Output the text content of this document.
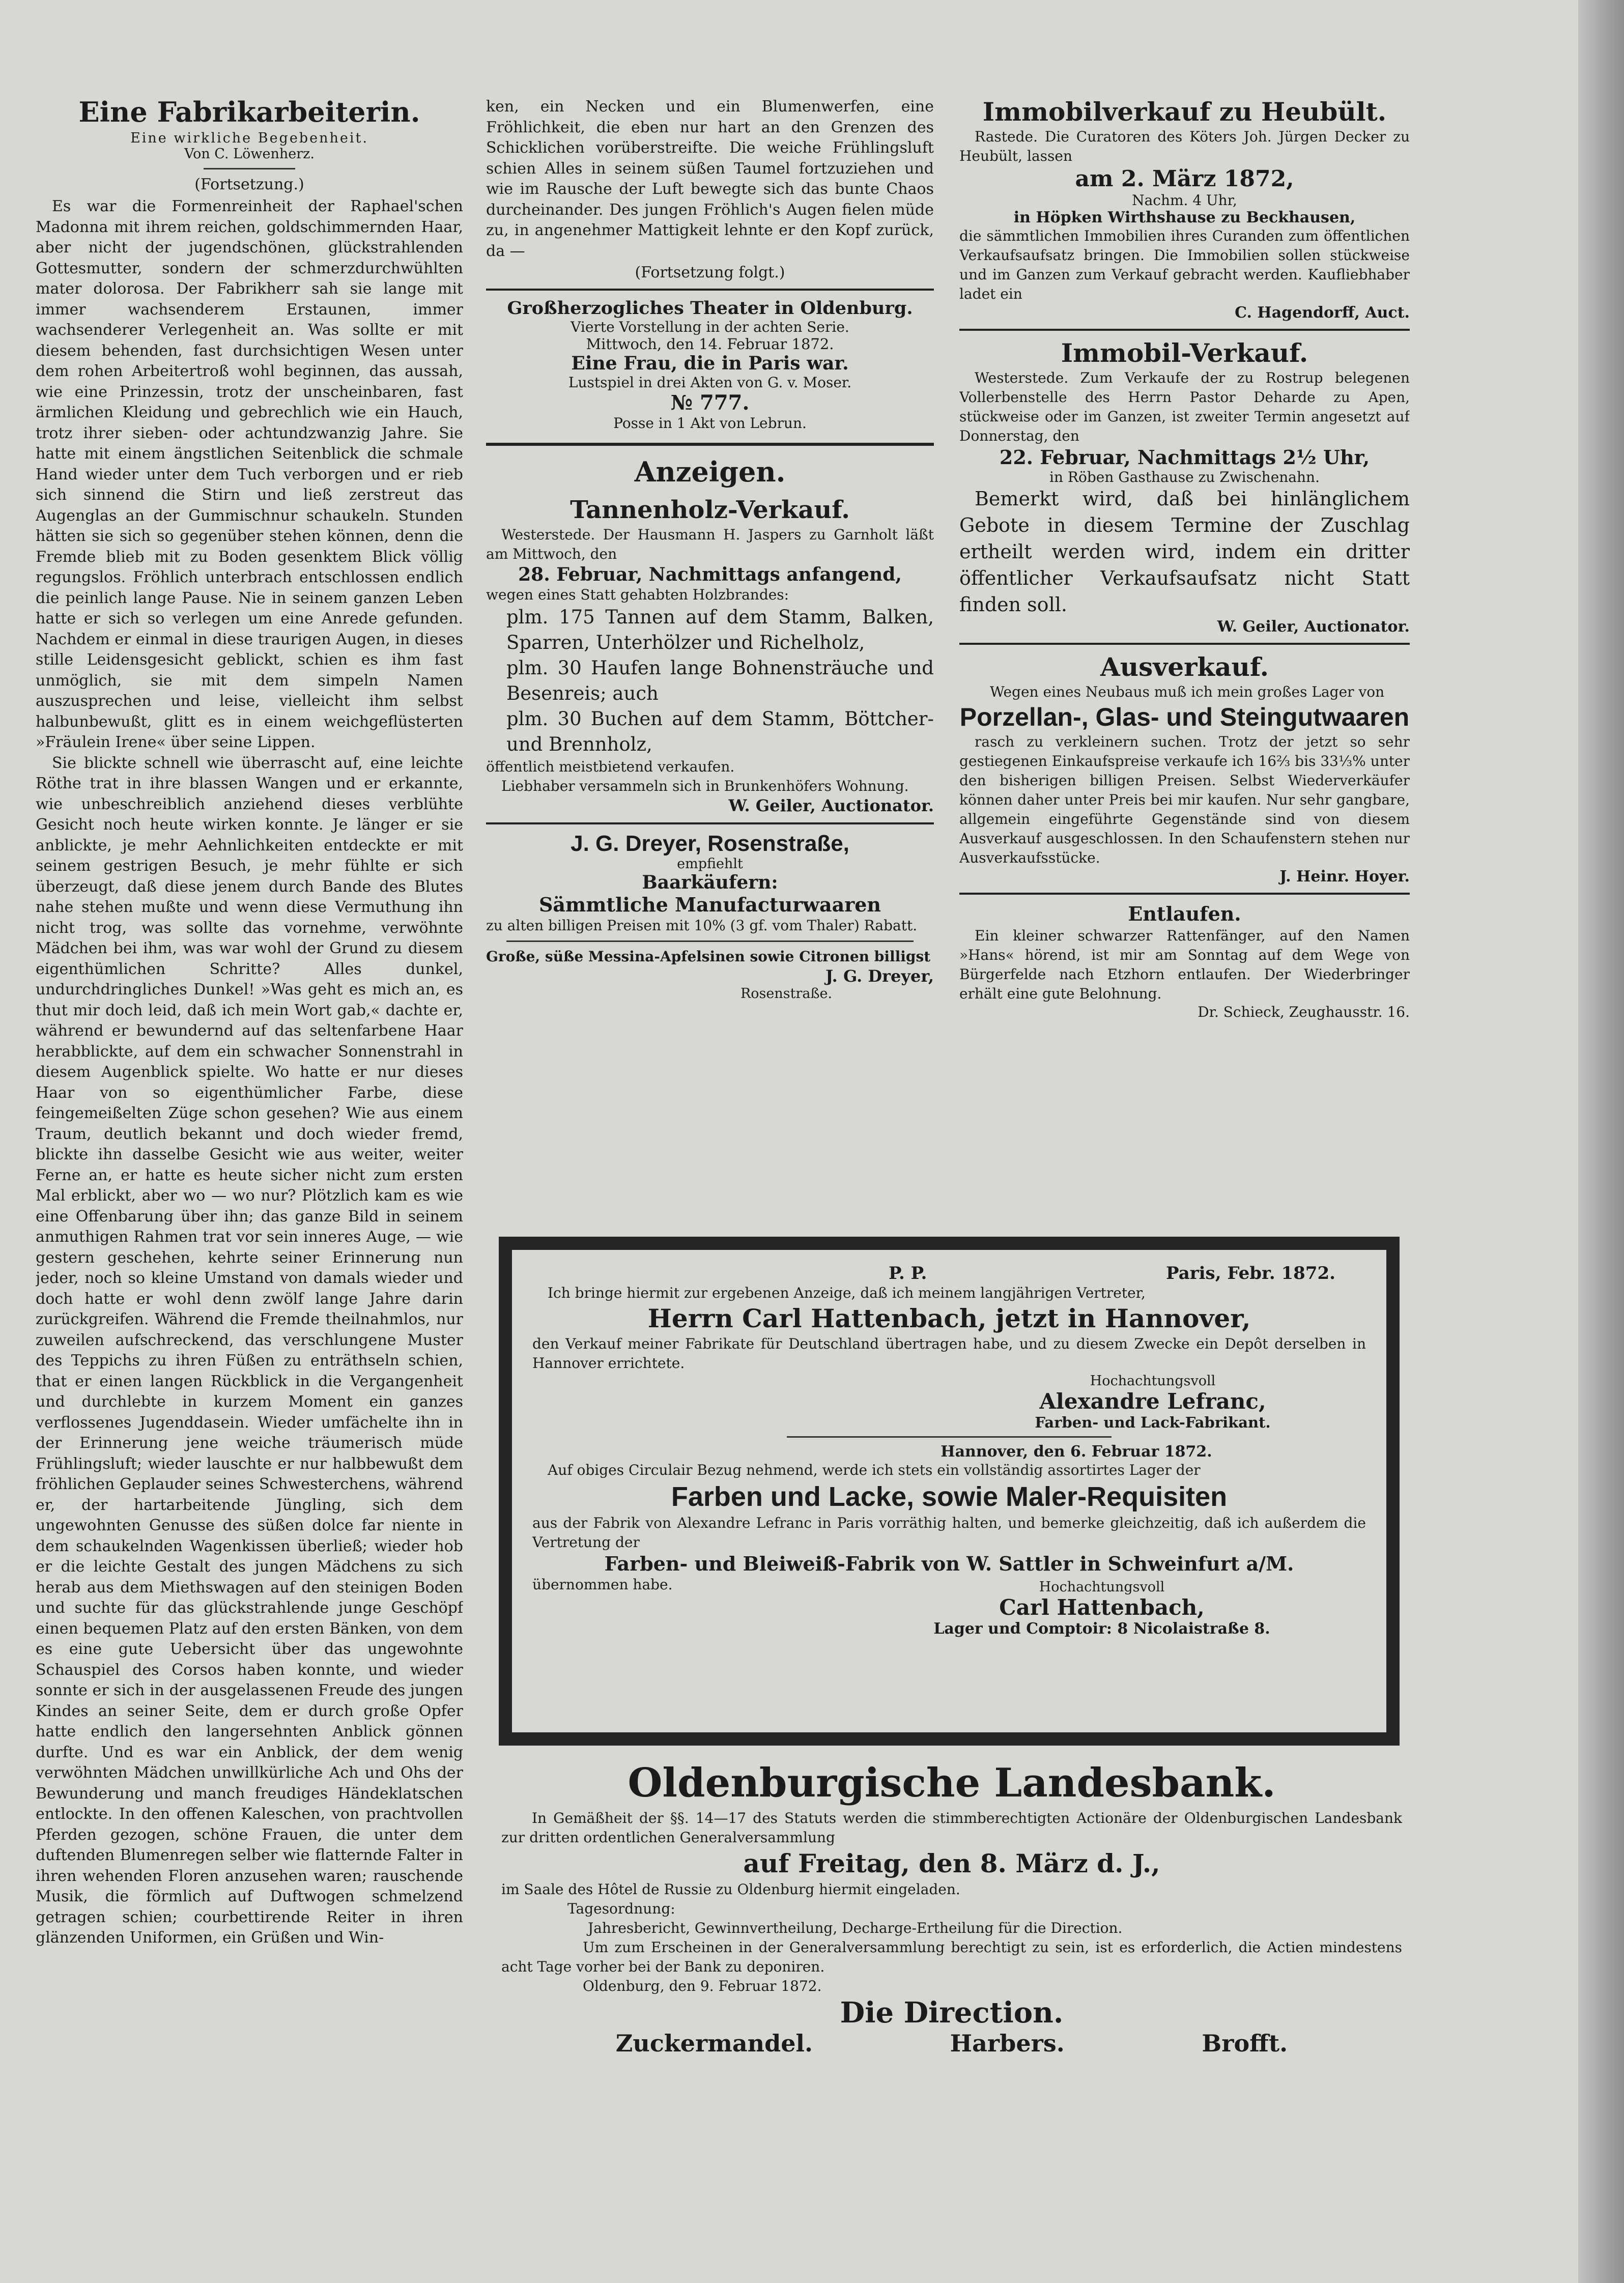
Eine Fabrikarbeiterin.

Eine wirkliche Begebenheit.

Von C. Löwenherz.

(Fortsetzung.)

Es war die Formenreinheit der Raphael'schen Madonna mit ihrem reichen, goldschimmernden Haar, aber nicht der jugendschönen, glückstrahlenden Gottesmutter, sondern der schmerzdurchwühlten mater dolorosa. Der Fabrikherr sah sie lange mit immer wachsenderem Erstaunen, immer wachsenderer Verlegenheit an. Was sollte er mit diesem behenden, fast durchsichtigen Wesen unter dem rohen Arbeitertroß wohl beginnen, das aussah, wie eine Prinzessin, trotz der unscheinbaren, fast ärmlichen Kleidung und gebrechlich wie ein Hauch, trotz ihrer sieben- oder achtundzwanzig Jahre. Sie hatte mit einem ängstlichen Seitenblick die schmale Hand wieder unter dem Tuch verborgen und er rieb sich sinnend die Stirn und ließ zerstreut das Augenglas an der Gummischnur schaukeln. Stunden hätten sie sich so gegenüber stehen können, denn die Fremde blieb mit zu Boden gesenktem Blick völlig regungslos. Fröhlich unterbrach entschlossen endlich die peinlich lange Pause. Nie in seinem ganzen Leben hatte er sich so verlegen um eine Anrede gefunden. Nachdem er einmal in diese traurigen Augen, in dieses stille Leidensgesicht geblickt, schien es ihm fast unmöglich, sie mit dem simpeln Namen auszusprechen und leise, vielleicht ihm selbst halbunbewußt, glitt es in einem weichgeflüsterten »Fräulein Irene« über seine Lippen.

Sie blickte schnell wie überrascht auf, eine leichte Röthe trat in ihre blassen Wangen und er erkannte, wie unbeschreiblich anziehend dieses verblühte Gesicht noch heute wirken konnte. Je länger er sie anblickte, je mehr Aehnlichkeiten entdeckte er mit seinem gestrigen Besuch, je mehr fühlte er sich überzeugt, daß diese jenem durch Bande des Blutes nahe stehen mußte und wenn diese Vermuthung ihn nicht trog, was sollte das vornehme, verwöhnte Mädchen bei ihm, was war wohl der Grund zu diesem eigenthümlichen Schritte? Alles dunkel, undurchdringliches Dunkel! »Was geht es mich an, es thut mir doch leid, daß ich mein Wort gab,« dachte er, während er bewundernd auf das seltenfarbene Haar herabblickte, auf dem ein schwacher Sonnenstrahl in diesem Augenblick spielte. Wo hatte er nur dieses Haar von so eigenthümlicher Farbe, diese feingemeißelten Züge schon gesehen? Wie aus einem Traum, deutlich bekannt und doch wieder fremd, blickte ihn dasselbe Gesicht wie aus weiter, weiter Ferne an, er hatte es heute sicher nicht zum ersten Mal erblickt, aber wo — wo nur? Plötzlich kam es wie eine Offenbarung über ihn; das ganze Bild in seinem anmuthigen Rahmen trat vor sein inneres Auge, — wie gestern geschehen, kehrte seiner Erinnerung nun jeder, noch so kleine Umstand von damals wieder und doch hatte er wohl denn zwölf lange Jahre darin zurückgreifen. Während die Fremde theilnahmlos, nur zuweilen aufschreckend, das verschlungene Muster des Teppichs zu ihren Füßen zu enträthseln schien, that er einen langen Rückblick in die Vergangenheit und durchlebte in kurzem Moment ein ganzes verflossenes Jugenddasein. Wieder umfächelte ihn in der Erinnerung jene weiche träumerisch müde Frühlingsluft; wieder lauschte er nur halbbewußt dem fröhlichen Geplauder seines Schwesterchens, während er, der hartarbeitende Jüngling, sich dem ungewohnten Genusse des süßen dolce far niente in dem schaukelnden Wagenkissen überließ; wieder hob er die leichte Gestalt des jungen Mädchens zu sich herab aus dem Miethswagen auf den steinigen Boden und suchte für das glückstrahlende junge Geschöpf einen bequemen Platz auf den ersten Bänken, von dem es eine gute Uebersicht über das ungewohnte Schauspiel des Corsos haben konnte, und wieder sonnte er sich in der ausgelassenen Freude des jungen Kindes an seiner Seite, dem er durch große Opfer hatte endlich den langersehnten Anblick gönnen durfte. Und es war ein Anblick, der dem wenig verwöhnten Mädchen unwillkürliche Ach und Ohs der Bewunderung und manch freudiges Händeklatschen entlockte. In den offenen Kaleschen, von prachtvollen Pferden gezogen, schöne Frauen, die unter dem duftenden Blumenregen selber wie flatternde Falter in ihren wehenden Floren anzusehen waren; rauschende Musik, die förmlich auf Duftwogen schmelzend getragen schien; courbettirende Reiter in ihren glänzenden Uniformen, ein Grüßen und Win-

ken, ein Necken und ein Blumenwerfen, eine Fröhlichkeit, die eben nur hart an den Grenzen des Schicklichen vorüberstreifte. Die weiche Frühlingsluft schien Alles in seinem süßen Taumel fortzuziehen und wie im Rausche der Luft bewegte sich das bunte Chaos durcheinander. Des jungen Fröhlich's Augen fielen müde zu, in angenehmer Mattigkeit lehnte er den Kopf zurück, da —

(Fortsetzung folgt.)

Großherzogliches Theater in Oldenburg.

Vierte Vorstellung in der achten Serie.

Mittwoch, den 14. Februar 1872.

Eine Frau, die in Paris war.

Lustspiel in drei Akten von G. v. Moser.

№ 777.

Posse in 1 Akt von Lebrun.

Anzeigen.

Tannenholz-Verkauf.

Westerstede. Der Hausmann H. Jaspers zu Garnholt läßt am Mittwoch, den

28. Februar, Nachmittags anfangend,

wegen eines Statt gehabten Holzbrandes:

plm. 175 Tannen auf dem Stamm, Balken, Sparren, Unterhölzer und Richelholz,

plm. 30 Haufen lange Bohnensträuche und Besenreis; auch

plm. 30 Buchen auf dem Stamm, Böttcher- und Brennholz,

öffentlich meistbietend verkaufen.

Liebhaber versammeln sich in Brunkenhöfers Wohnung.

W. Geiler, Auctionator.

J. G. Dreyer, Rosenstraße,

empfiehlt

Baarkäufern:

Sämmtliche Manufacturwaaren

zu alten billigen Preisen mit 10% (3 gf. vom Thaler) Rabatt.

Große, süße Messina-Apfelsinen sowie Citronen billigst

J. G. Dreyer,

Rosenstraße.

Immobilverkauf zu Heubült.

Rastede. Die Curatoren des Köters Joh. Jürgen Decker zu Heubült, lassen

am 2. März 1872,

Nachm. 4 Uhr,

in Höpken Wirthshause zu Beckhausen,

die sämmtlichen Immobilien ihres Curanden zum öffentlichen Verkaufsaufsatz bringen. Die Immobilien sollen stückweise und im Ganzen zum Verkauf gebracht werden. Kaufliebhaber ladet ein

C. Hagendorff, Auct.

Immobil-Verkauf.

Westerstede. Zum Verkaufe der zu Rostrup belegenen Vollerbenstelle des Herrn Pastor Deharde zu Apen, stückweise oder im Ganzen, ist zweiter Termin angesetzt auf Donnerstag, den

22. Februar, Nachmittags 2½ Uhr,

in Röben Gasthause zu Zwischenahn.

Bemerkt wird, daß bei hinlänglichem Gebote in diesem Termine der Zuschlag ertheilt werden wird, indem ein dritter öffentlicher Verkaufsaufsatz nicht Statt finden soll.

W. Geiler, Auctionator.

Ausverkauf.

Wegen eines Neubaus muß ich mein großes Lager von

Porzellan-, Glas- und Steingutwaaren

rasch zu verkleinern suchen. Trotz der jetzt so sehr gestiegenen Einkaufspreise verkaufe ich 16⅔ bis 33⅓% unter den bisherigen billigen Preisen. Selbst Wiederverkäufer können daher unter Preis bei mir kaufen. Nur sehr gangbare, allgemein eingeführte Gegenstände sind von diesem Ausverkauf ausgeschlossen. In den Schaufenstern stehen nur Ausverkaufsstücke.

J. Heinr. Hoyer.

Entlaufen.

Ein kleiner schwarzer Rattenfänger, auf den Namen »Hans« hörend, ist mir am Sonntag auf dem Wege von Bürgerfelde nach Etzhorn entlaufen. Der Wiederbringer erhält eine gute Belohnung.

Dr. Schieck, Zeughausstr. 16.

P. P.	Paris, Febr. 1872.

Ich bringe hiermit zur ergebenen Anzeige, daß ich meinem langjährigen Vertreter,

Herrn Carl Hattenbach, jetzt in Hannover,

den Verkauf meiner Fabrikate für Deutschland übertragen habe, und zu diesem Zwecke ein Depôt derselben in Hannover errichtete.

Hochachtungsvoll

Alexandre Lefranc,

Farben- und Lack-Fabrikant.

Hannover, den 6. Februar 1872.

Auf obiges Circulair Bezug nehmend, werde ich stets ein vollständig assortirtes Lager der

Farben und Lacke, sowie Maler-Requisiten

aus der Fabrik von Alexandre Lefranc in Paris vorräthig halten, und bemerke gleichzeitig, daß ich außerdem die Vertretung der

Farben- und Bleiweiß-Fabrik von W. Sattler in Schweinfurt a/M.

übernommen habe.	Hochachtungsvoll

Carl Hattenbach,

Lager und Comptoir: 8 Nicolaistraße 8.

Oldenburgische Landesbank.

In Gemäßheit der §§. 14—17 des Statuts werden die stimmberechtigten Actionäre der Oldenburgischen Landesbank zur dritten ordentlichen Generalversammlung

auf Freitag, den 8. März d. J.,

im Saale des Hôtel de Russie zu Oldenburg hiermit eingeladen.

Tagesordnung:

Jahresbericht, Gewinnvertheilung, Decharge-Ertheilung für die Direction.

Um zum Erscheinen in der Generalversammlung berechtigt zu sein, ist es erforderlich, die Actien mindestens acht Tage vorher bei der Bank zu deponiren.

Oldenburg, den 9. Februar 1872.

Die Direction.

Zuckermandel.	Harbers.	Brofft.
